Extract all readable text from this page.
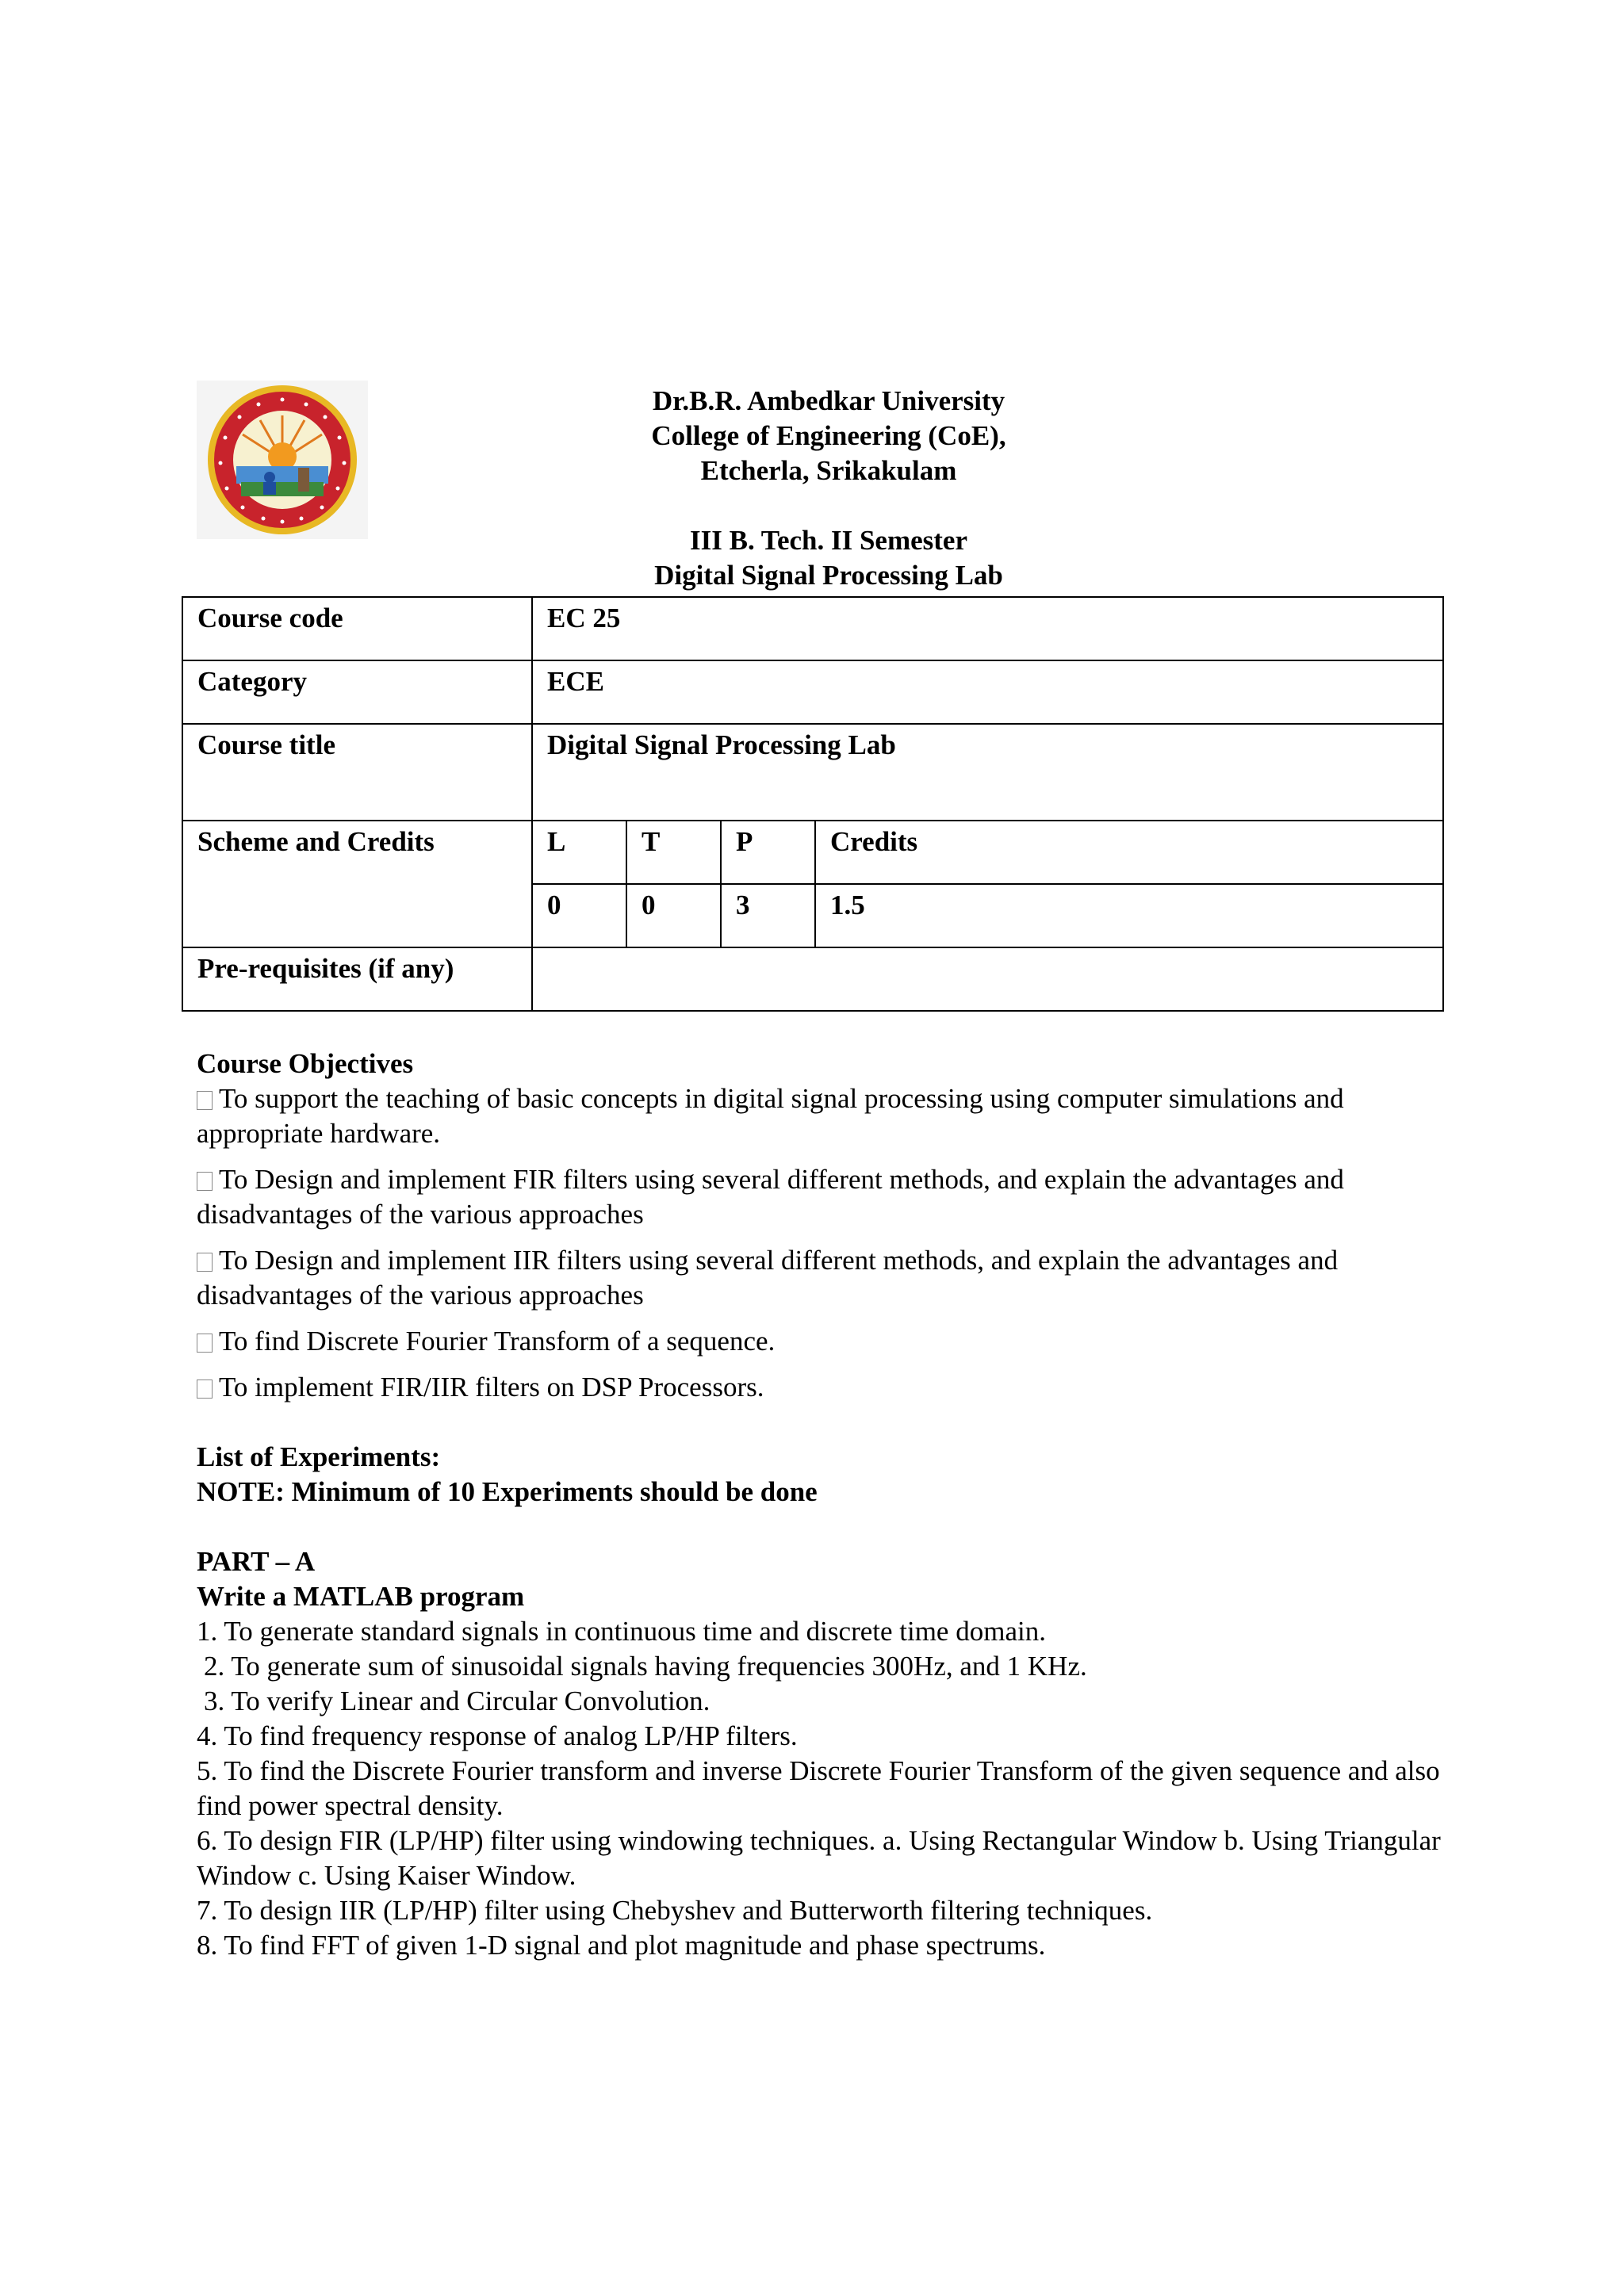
Dr.B.R. Ambedkar University
College of Engineering (CoE),
Etcherla, Srikakulam
III B. Tech. II Semester
Digital Signal Processing Lab
Course code	EC 25			
Category	ECE			
Course title	Digital Signal Processing Lab			
Scheme and Credits	L	T	P	Credits
	0	0	3	1.5
Pre-requisites (if any)				
Course Objectives
To support the teaching of basic concepts in digital signal processing using computer simulations and appropriate hardware.
To Design and implement FIR filters using several different methods, and explain the advantages and disadvantages of the various approaches
To Design and implement IIR filters using several different methods, and explain the advantages and disadvantages of the various approaches
To find Discrete Fourier Transform of a sequence.
To implement FIR/IIR filters on DSP Processors.
List of Experiments:
NOTE: Minimum of 10 Experiments should be done
PART – A
Write a MATLAB program
1. To generate standard signals in continuous time and discrete time domain.
2. To generate sum of sinusoidal signals having frequencies 300Hz, and 1 KHz.
3. To verify Linear and Circular Convolution.
4. To find frequency response of analog LP/HP filters.
5. To find the Discrete Fourier transform and inverse Discrete Fourier Transform of the given sequence and also find power spectral density.
6. To design FIR (LP/HP) filter using windowing techniques. a. Using Rectangular Window b. Using Triangular Window c. Using Kaiser Window.
7. To design IIR (LP/HP) filter using Chebyshev and Butterworth filtering techniques.
8. To find FFT of given 1-D signal and plot magnitude and phase spectrums.
